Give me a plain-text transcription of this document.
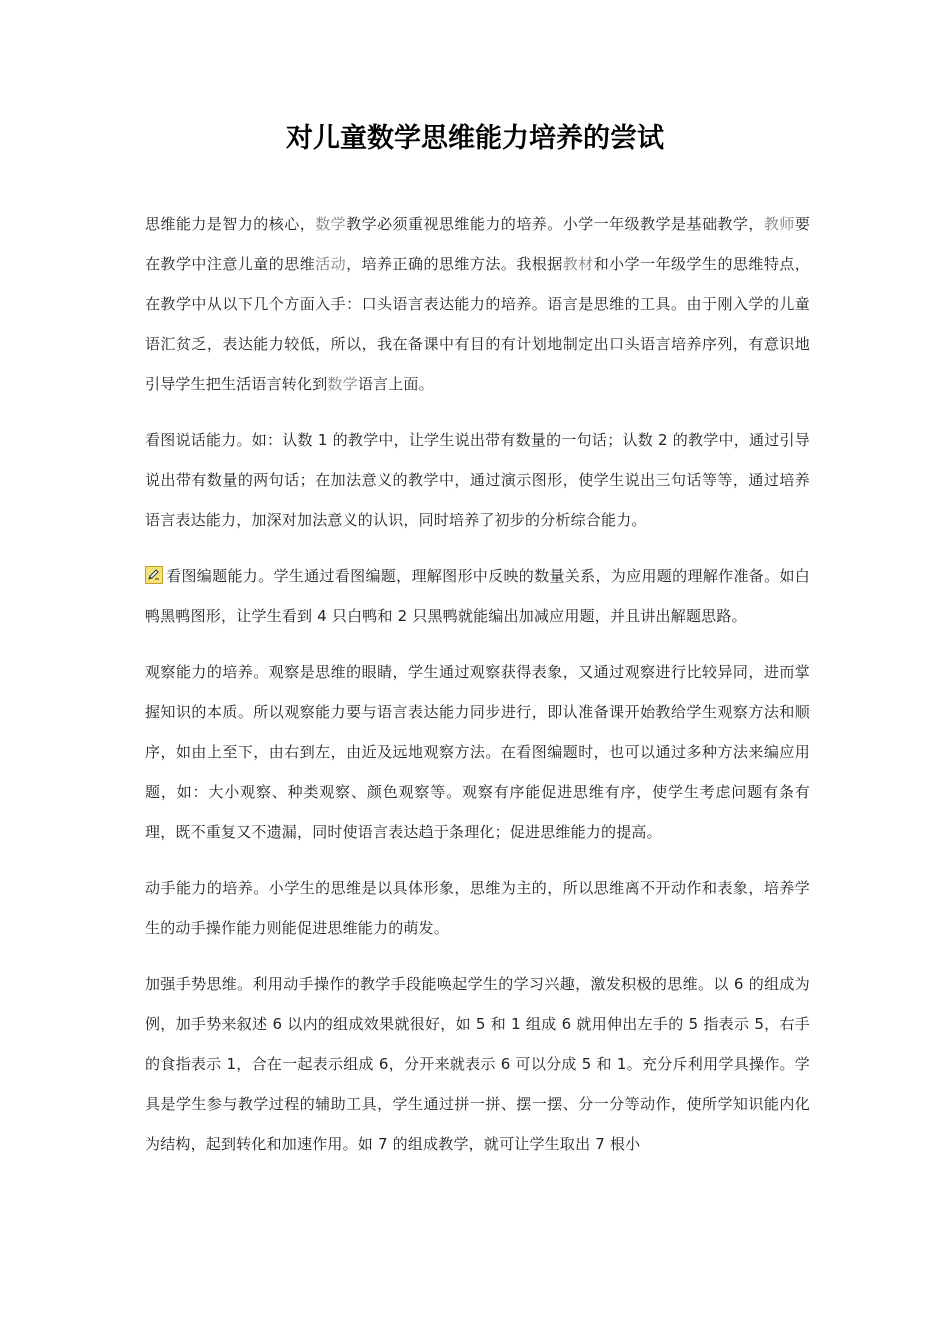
对儿童数学思维能力培养的尝试

思维能力是智力的核心，数学教学必须重视思维能力的培养。小学一年级教学是基础教学，教师要在教学中注意儿童的思维活动，培养正确的思维方法。我根据教材和小学一年级学生的思维特点，在教学中从以下几个方面入手：口头语言表达能力的培养。语言是思维的工具。由于刚入学的儿童语汇贫乏，表达能力较低，所以，我在备课中有目的有计划地制定出口头语言培养序列，有意识地引导学生把生活语言转化到数学语言上面。

看图说话能力。如：认数 1 的教学中，让学生说出带有数量的一句话；认数 2 的教学中，通过引导说出带有数量的两句话；在加法意义的教学中，通过演示图形，使学生说出三句话等等，通过培养语言表达能力，加深对加法意义的认识，同时培养了初步的分析综合能力。

看图编题能力。学生通过看图编题，理解图形中反映的数量关系，为应用题的理解作准备。如白鸭黑鸭图形，让学生看到 4 只白鸭和 2 只黑鸭就能编出加减应用题，并且讲出解题思路。

观察能力的培养。观察是思维的眼睛，学生通过观察获得表象，又通过观察进行比较异同，进而掌握知识的本质。所以观察能力要与语言表达能力同步进行，即认准备课开始教给学生观察方法和顺序，如由上至下，由右到左，由近及远地观察方法。在看图编题时，也可以通过多种方法来编应用题，如：大小观察、种类观察、颜色观察等。观察有序能促进思维有序，使学生考虑问题有条有理，既不重复又不遗漏，同时使语言表达趋于条理化；促进思维能力的提高。

动手能力的培养。小学生的思维是以具体形象，思维为主的，所以思维离不开动作和表象，培养学生的动手操作能力则能促进思维能力的萌发。

加强手势思维。利用动手操作的教学手段能唤起学生的学习兴趣，激发积极的思维。以 6 的组成为例，加手势来叙述 6 以内的组成效果就很好，如 5 和 1 组成 6 就用伸出左手的 5 指表示 5，右手的食指表示 1，合在一起表示组成 6，分开来就表示 6 可以分成 5 和 1。充分斥利用学具操作。学具是学生参与教学过程的辅助工具，学生通过拼一拼、摆一摆、分一分等动作，使所学知识能内化为结构，起到转化和加速作用。如 7 的组成教学，就可让学生取出 7 根小
